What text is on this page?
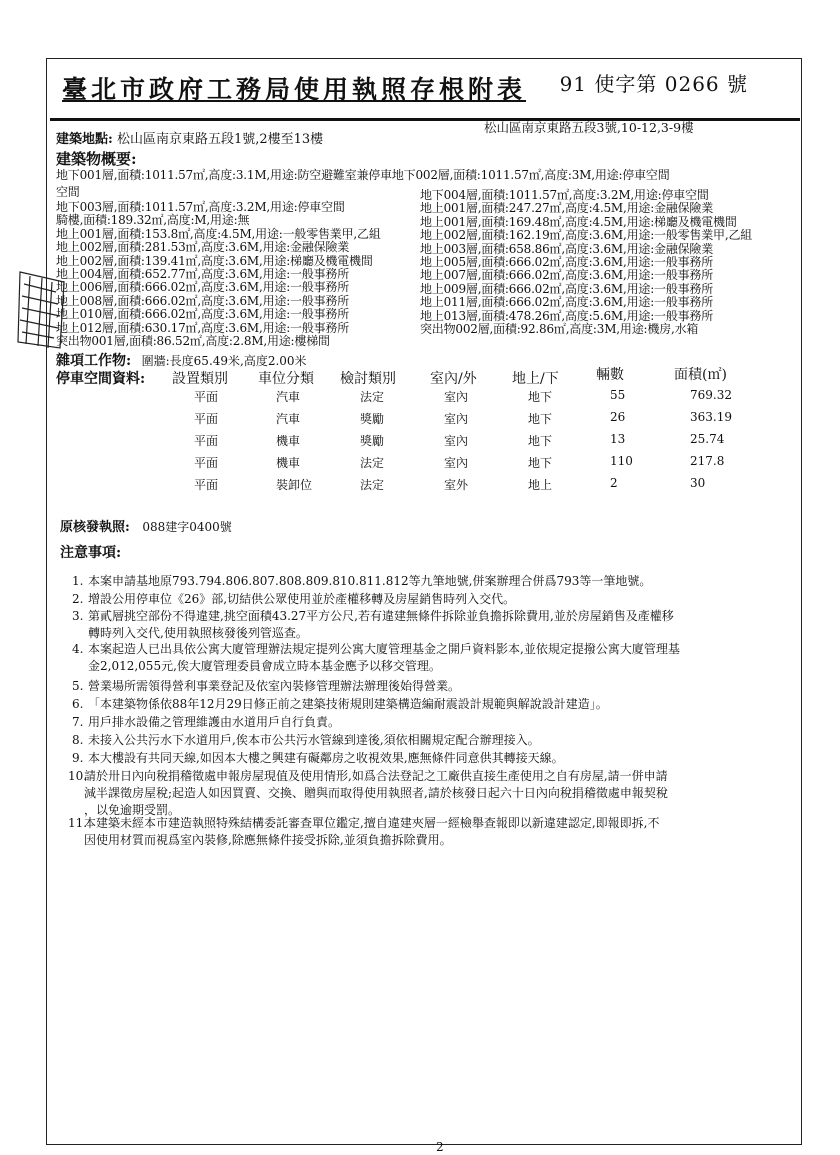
臺北市政府工務局使用執照存根附表 91 使字第 0266 號
松山區南京東路五段3號,10-12,3-9樓
建築地點: 松山區南京東路五段1號,2樓至13樓
建築物概要:
地下001層,面積:1011.57㎡,高度:3.1M,用途:防空避難室兼停車地下002層,面積:1011.57㎡,高度:3M,用途:停車空間
空間
地下003層,面積:1011.57㎡,高度:3.2M,用途:停車空間
騎樓,面積:189.32㎡,高度:M,用途:無
地上001層,面積:153.8㎡,高度:4.5M,用途:一般零售業甲,乙組
地上002層,面積:281.53㎡,高度:3.6M,用途:金融保險業
地上002層,面積:139.41㎡,高度:3.6M,用途:梯廳及機電機間
地上004層,面積:652.77㎡,高度:3.6M,用途:一般事務所
地上006層,面積:666.02㎡,高度:3.6M,用途:一般事務所
地上008層,面積:666.02㎡,高度:3.6M,用途:一般事務所
地上010層,面積:666.02㎡,高度:3.6M,用途:一般事務所
地上012層,面積:630.17㎡,高度:3.6M,用途:一般事務所
突出物001層,面積:86.52㎡,高度:2.8M,用途:樓梯間
地下004層,面積:1011.57㎡,高度:3.2M,用途:停車空間
地上001層,面積:247.27㎡,高度:4.5M,用途:金融保險業
地上001層,面積:169.48㎡,高度:4.5M,用途:梯廳及機電機間
地上002層,面積:162.19㎡,高度:3.6M,用途:一般零售業甲,乙組
地上003層,面積:658.86㎡,高度:3.6M,用途:金融保險業
地上005層,面積:666.02㎡,高度:3.6M,用途:一般事務所
地上007層,面積:666.02㎡,高度:3.6M,用途:一般事務所
地上009層,面積:666.02㎡,高度:3.6M,用途:一般事務所
地上011層,面積:666.02㎡,高度:3.6M,用途:一般事務所
地上013層,面積:478.26㎡,高度:5.6M,用途:一般事務所
突出物002層,面積:92.86㎡,高度:3M,用途:機房,水箱
雜項工作物: 圍牆:長度65.49米,高度2.00米
停車空間資料: 設置類別 車位分類 檢討類別 室內/外	地上/下	輛數	面積(㎡)
平面	汽車	法定	室內	地下	55	769.32
平面	汽車	獎勵	室內	地下	26	363.19
平面	機車	獎勵	室內	地下	13	25.74
平面	機車	法定	室內	地下	110	217.8
平面	裝卸位	法定	室外	地上	2	30
原核發執照: 088建字0400號
注意事項:
1. 本案申請基地原793.794.806.807.808.809.810.811.812等九筆地號,併案辦理合併爲793等一筆地號。
2. 增設公用停車位《26》部,切結供公眾使用並於產權移轉及房屋銷售時列入交代。
3. 第貳層挑空部份不得違建,挑空面積43.27平方公尺,若有違建無條件拆除並負擔拆除費用,並於房屋銷售及產權移
轉時列入交代,使用執照核發後列管巡查。
4. 本案起造人已出具依公寓大廈管理辦法規定提列公寓大廈管理基金之開戶資料影本,並依規定提撥公寓大廈管理基
金2,012,055元,俟大廈管理委員會成立時本基金應予以移交管理。
5. 營業場所需領得營利事業登記及依室內裝修管理辦法辦理後始得營業。
6. 「本建築物係依88年12月29日修正前之建築技術規則建築構造編耐震設計規範與解說設計建造」。
7. 用戶排水設備之管理維護由水道用戶自行負責。
8. 未接入公共污水下水道用戶,俟本市公共污水管線到達後,須依相關規定配合辦理接入。
9. 本大樓設有共同天線,如因本大樓之興建有礙鄰房之收視效果,應無條件同意供其轉接天線。
10.請於卅日內向稅捐稽徵處申報房屋現值及使用情形,如爲合法登記之工廠供直接生產使用之自有房屋,請一併申請
減半課徵房屋稅;起造人如因買賣、交換、贈與而取得使用執照者,請於核發日起六十日內向稅捐稽徵處申報契稅
，以免逾期受罰。
11.本建築未經本市建造執照特殊結構委託審查單位鑑定,擅自違建夾層一經檢舉查報即以新違建認定,即報即拆,不
因使用材質而視爲室內裝修,除應無條件接受拆除,並須負擔拆除費用。
2
